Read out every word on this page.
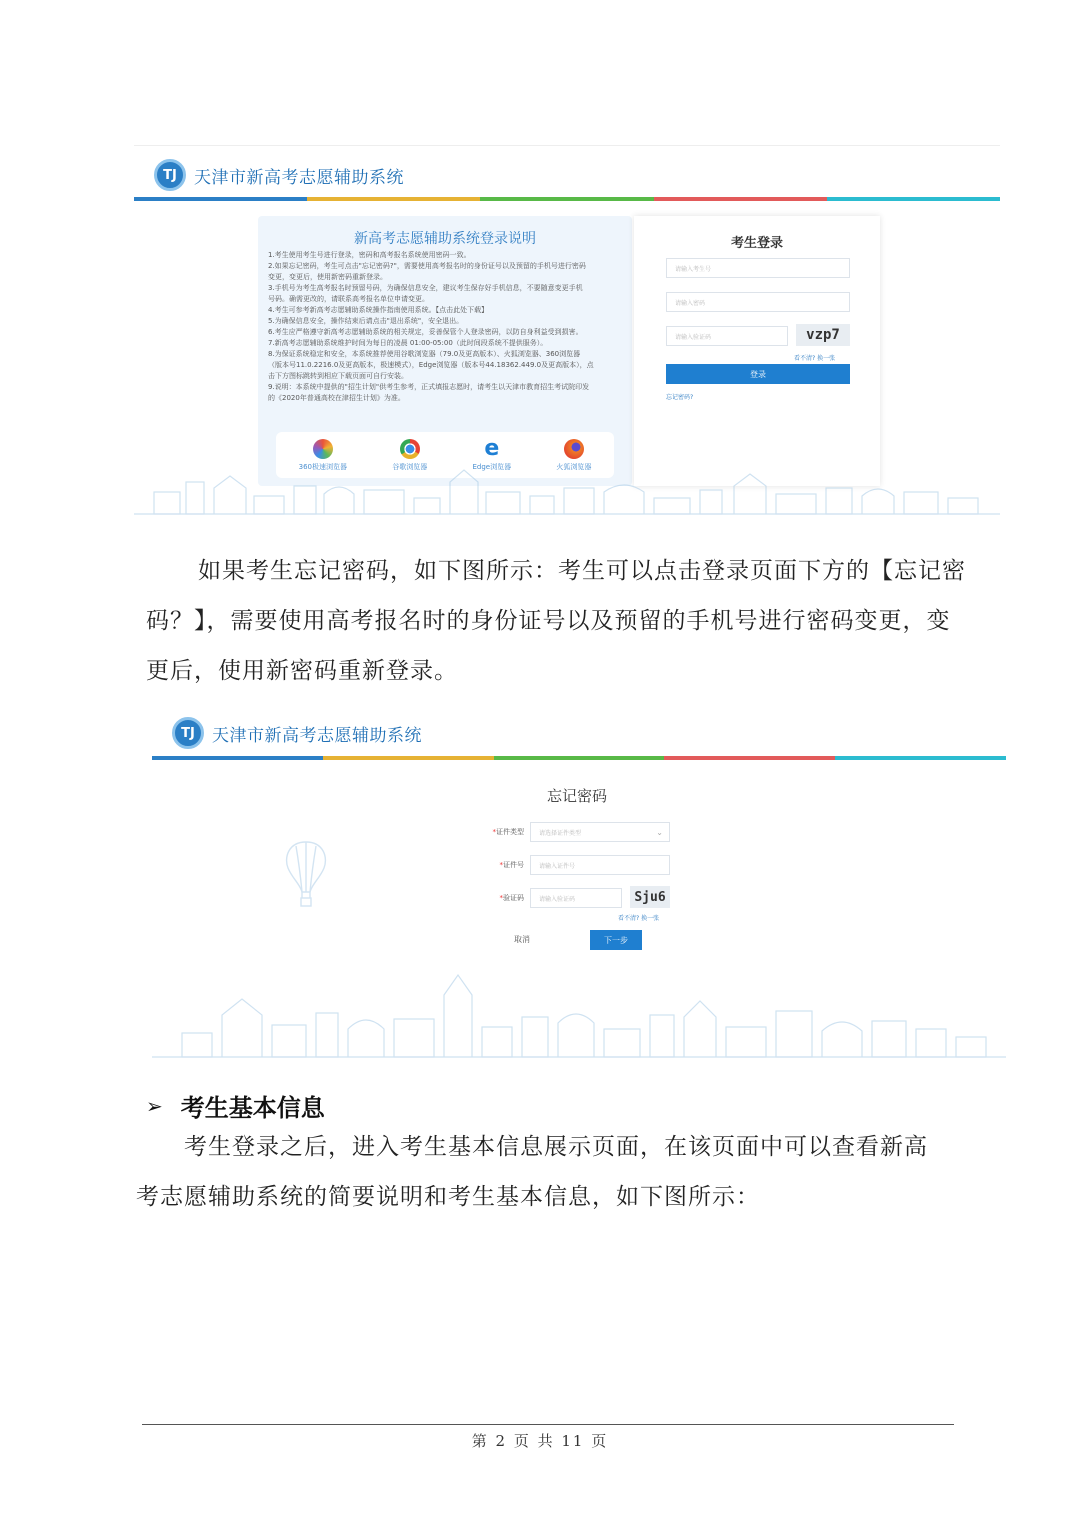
TJ	天津市新高考志愿辅助系统
新高考志愿辅助系统登录说明
1.考生使用考生号进行登录，密码和高考报名系统使用密码一致。
2.如果忘记密码，考生可点击"忘记密码?"，需要使用高考报名时的身份证号以及预留的手机号进行密码
变更，变更后，使用新密码重新登录。
3.手机号为考生高考报名时预留号码，为确保信息安全，建议考生保存好手机信息，不要随意变更手机
号码。确需更改的，请联系高考报名单位申请变更。
4.考生可参考新高考志愿辅助系统操作指南使用系统。【点击此处下载】
5.为确保信息安全，操作结束后请点击"退出系统"，安全退出。
6.考生应严格遵守新高考志愿辅助系统的相关规定，妥善保管个人登录密码，以防自身利益受到损害。
7.新高考志愿辅助系统维护时间为每日的凌晨 01:00-05:00（此时间段系统不提供服务）。
8.为保证系统稳定和安全，本系统推荐使用谷歌浏览器（79.0及更高版本）、火狐浏览器、360浏览器
（版本号11.0.2216.0及更高版本，极速模式），Edge浏览器（版本号44.18362.449.0及更高版本），点
击下方图标跳转到相应下载页面可自行安装。
9.说明：本系统中提供的"招生计划"供考生参考，正式填报志愿时，请考生以天津市教育招生考试院印发
的《2020年普通高校在津招生计划》为准。
360极速浏览器	谷歌浏览器
e
Edge浏览器	火狐浏览器
考生登录
请输入考生号
请输入密码
请输入验证码	vzp7
看不清? 换一张
登录
忘记密码?
如果考生忘记密码，如下图所示：考生可以点击登录页面下方的【忘记密
码？】，需要使用高考报名时的身份证号以及预留的手机号进行密码变更，变
更后，使用新密码重新登录。
TJ	天津市新高考志愿辅助系统
忘记密码
*证件类型	请选择证件类型	⌄
*证件号	请输入证件号
*验证码	请输入验证码	Sju6
看不清? 换一张
取消	下一步
➢ 考生基本信息
考生登录之后，进入考生基本信息展示页面，在该页面中可以查看新高
考志愿辅助系统的简要说明和考生基本信息，如下图所示：
第 2 页 共 11 页
